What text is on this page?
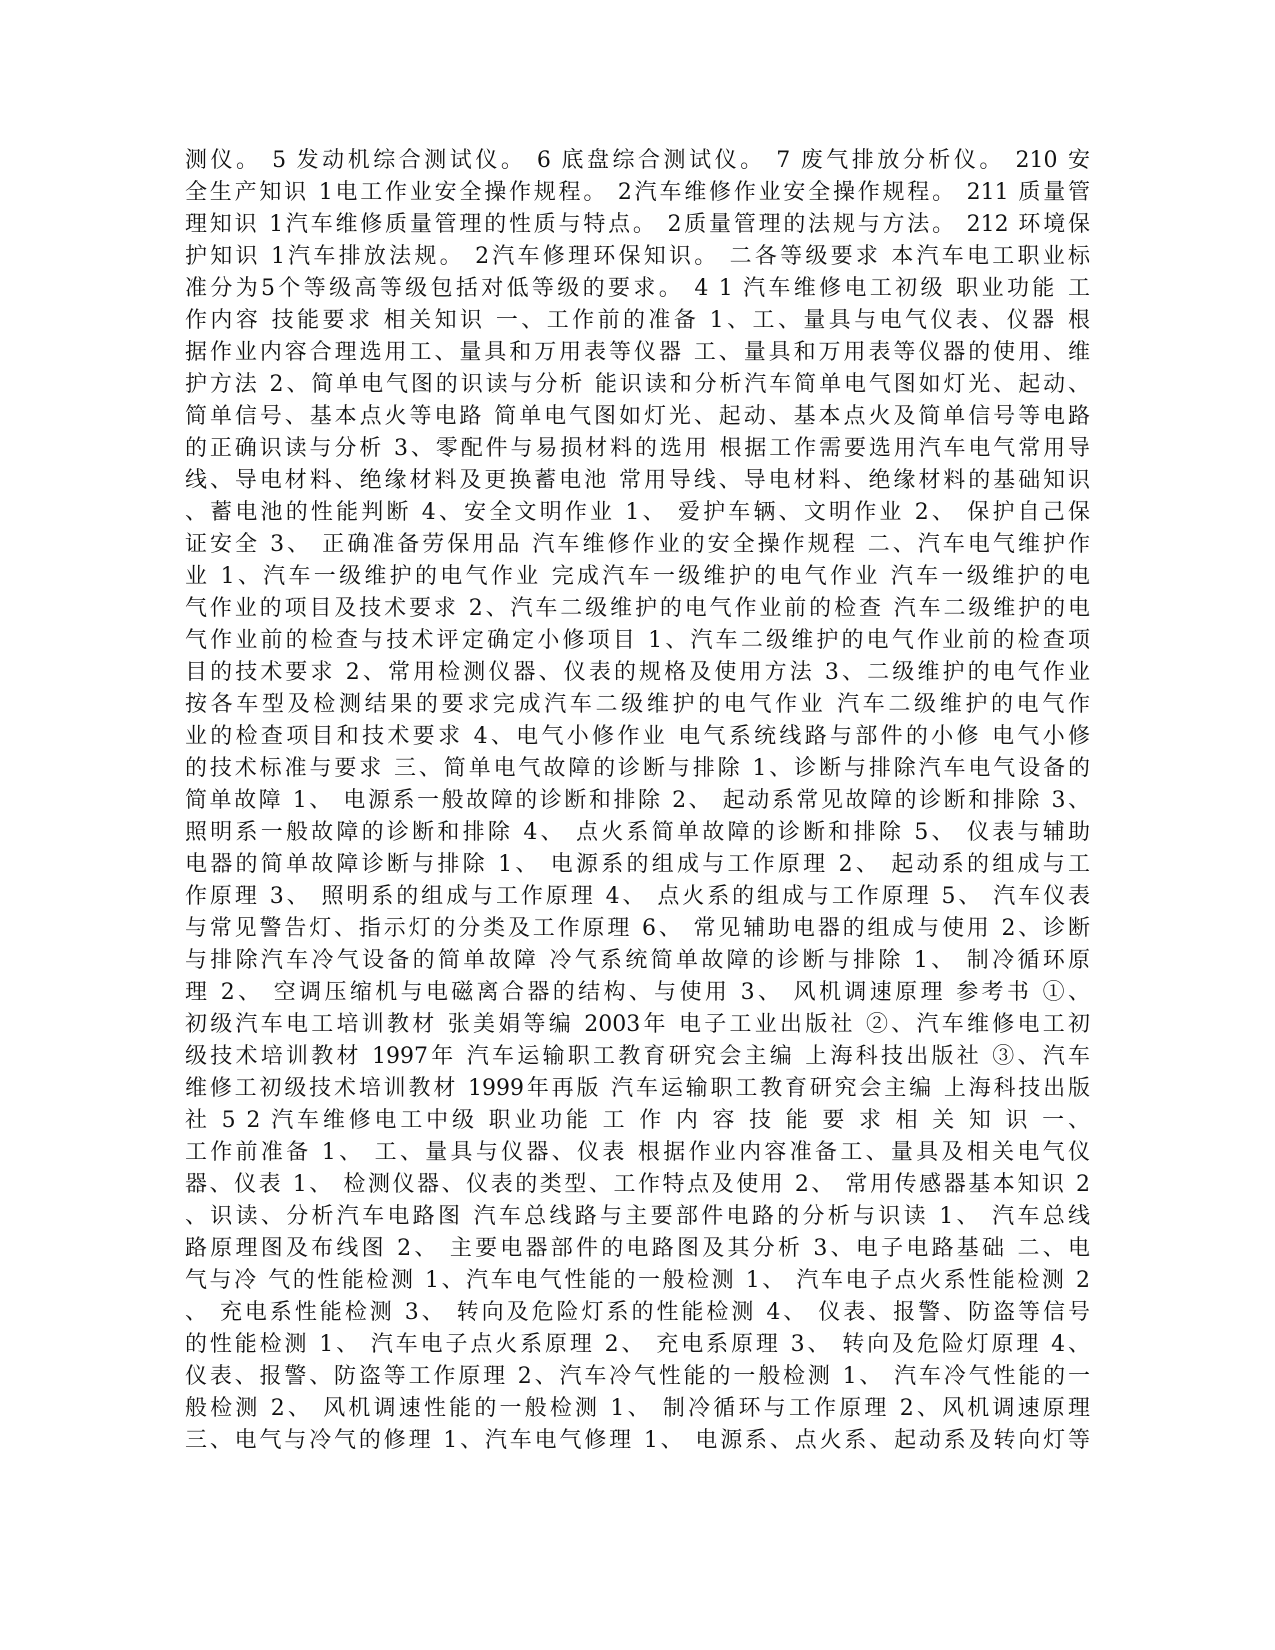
测仪。 5 发动机综合测试仪。 6 底盘综合测试仪。 7 废气排放分析仪。 210 安
全生产知识 1电工作业安全操作规程。 2汽车维修作业安全操作规程。 211 质量管
理知识 1汽车维修质量管理的性质与特点。 2质量管理的法规与方法。 212 环境保
护知识 1汽车排放法规。 2汽车修理环保知识。 二各等级要求 本汽车电工职业标
准分为5个等级高等级包括对低等级的要求。 4 1 汽车维修电工初级 职业功能 工
作内容 技能要求 相关知识 一、工作前的准备 1、工、量具与电气仪表、仪器 根
据作业内容合理选用工、量具和万用表等仪器 工、量具和万用表等仪器的使用、维
护方法 2、简单电气图的识读与分析 能识读和分析汽车简单电气图如灯光、起动、
简单信号、基本点火等电路 简单电气图如灯光、起动、基本点火及简单信号等电路
的正确识读与分析 3、零配件与易损材料的选用 根据工作需要选用汽车电气常用导
线、导电材料、绝缘材料及更换蓄电池 常用导线、导电材料、绝缘材料的基础知识
、蓄电池的性能判断 4、安全文明作业 1、 爱护车辆、文明作业 2、 保护自己保
证安全 3、 正确准备劳保用品 汽车维修作业的安全操作规程 二、汽车电气维护作
业 1、汽车一级维护的电气作业 完成汽车一级维护的电气作业 汽车一级维护的电
气作业的项目及技术要求 2、汽车二级维护的电气作业前的检查 汽车二级维护的电
气作业前的检查与技术评定确定小修项目 1、汽车二级维护的电气作业前的检查项
目的技术要求 2、常用检测仪器、仪表的规格及使用方法 3、二级维护的电气作业
按各车型及检测结果的要求完成汽车二级维护的电气作业 汽车二级维护的电气作
业的检查项目和技术要求 4、电气小修作业 电气系统线路与部件的小修 电气小修
的技术标准与要求 三、简单电气故障的诊断与排除 1、诊断与排除汽车电气设备的
简单故障 1、 电源系一般故障的诊断和排除 2、 起动系常见故障的诊断和排除 3、
照明系一般故障的诊断和排除 4、 点火系简单故障的诊断和排除 5、 仪表与辅助
电器的简单故障诊断与排除 1、 电源系的组成与工作原理 2、 起动系的组成与工
作原理 3、 照明系的组成与工作原理 4、 点火系的组成与工作原理 5、 汽车仪表
与常见警告灯、指示灯的分类及工作原理 6、 常见辅助电器的组成与使用 2、诊断
与排除汽车冷气设备的简单故障 冷气系统简单故障的诊断与排除 1、 制冷循环原
理 2、 空调压缩机与电磁离合器的结构、与使用 3、 风机调速原理 参考书 ①、
初级汽车电工培训教材 张美娟等编 2003年 电子工业出版社 ②、汽车维修电工初
级技术培训教材 1997年 汽车运输职工教育研究会主编 上海科技出版社 ③、汽车
维修工初级技术培训教材 1999年再版 汽车运输职工教育研究会主编 上海科技出版
社 5 2 汽车维修电工中级 职业功能 工 作 内 容 技 能 要 求 相 关 知 识 一、
工作前准备 1、 工、量具与仪器、仪表 根据作业内容准备工、量具及相关电气仪
器、仪表 1、 检测仪器、仪表的类型、工作特点及使用 2、 常用传感器基本知识 2
、识读、分析汽车电路图 汽车总线路与主要部件电路的分析与识读 1、 汽车总线
路原理图及布线图 2、 主要电器部件的电路图及其分析 3、电子电路基础 二、电
气与冷 气的性能检测 1、汽车电气性能的一般检测 1、 汽车电子点火系性能检测 2
、 充电系性能检测 3、 转向及危险灯系的性能检测 4、 仪表、报警、防盗等信号
的性能检测 1、 汽车电子点火系原理 2、 充电系原理 3、 转向及危险灯原理 4、
仪表、报警、防盗等工作原理 2、汽车冷气性能的一般检测 1、 汽车冷气性能的一
般检测 2、 风机调速性能的一般检测 1、 制冷循环与工作原理 2、风机调速原理
三、电气与冷气的修理 1、汽车电气修理 1、 电源系、点火系、起动系及转向灯等
